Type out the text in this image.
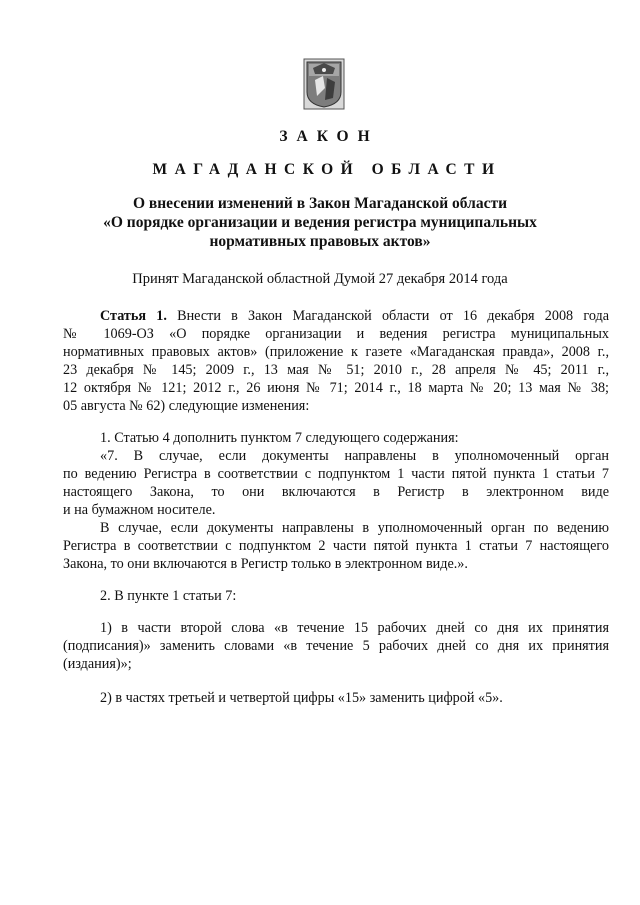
ЗАКОН
МАГАДАНСКОЙ ОБЛАСТИ
О внесении изменений в Закон Магаданской области
«О порядке организации и ведения регистра муниципальных
нормативных правовых актов»
Принят Магаданской областной Думой 27 декабря 2014 года
Статья 1. Внести в Закон Магаданской области от 16 декабря 2008 года
№ 1069-ОЗ «О порядке организации и ведения регистра муниципальных
нормативных правовых актов» (приложение к газете «Магаданская правда», 2008 г.,
23 декабря № 145; 2009 г., 13 мая № 51; 2010 г., 28 апреля № 45; 2011 г.,
12 октября № 121; 2012 г., 26 июня № 71; 2014 г., 18 марта № 20; 13 мая № 38;
05 августа № 62) следующие изменения:
1. Статью 4 дополнить пунктом 7 следующего содержания:
«7. В случае, если документы направлены в уполномоченный орган
по ведению Регистра в соответствии с подпунктом 1 части пятой пункта 1 статьи 7
настоящего Закона, то они включаются в Регистр в электронном виде
и на бумажном носителе.
В случае, если документы направлены в уполномоченный орган по ведению
Регистра в соответствии с подпунктом 2 части пятой пункта 1 статьи 7 настоящего
Закона, то они включаются в Регистр только в электронном виде.».
2. В пункте 1 статьи 7:
1) в части второй слова «в течение 15 рабочих дней со дня их принятия
(подписания)» заменить словами «в течение 5 рабочих дней со дня их принятия
(издания)»;
2) в частях третьей и четвертой цифры «15» заменить цифрой «5».
